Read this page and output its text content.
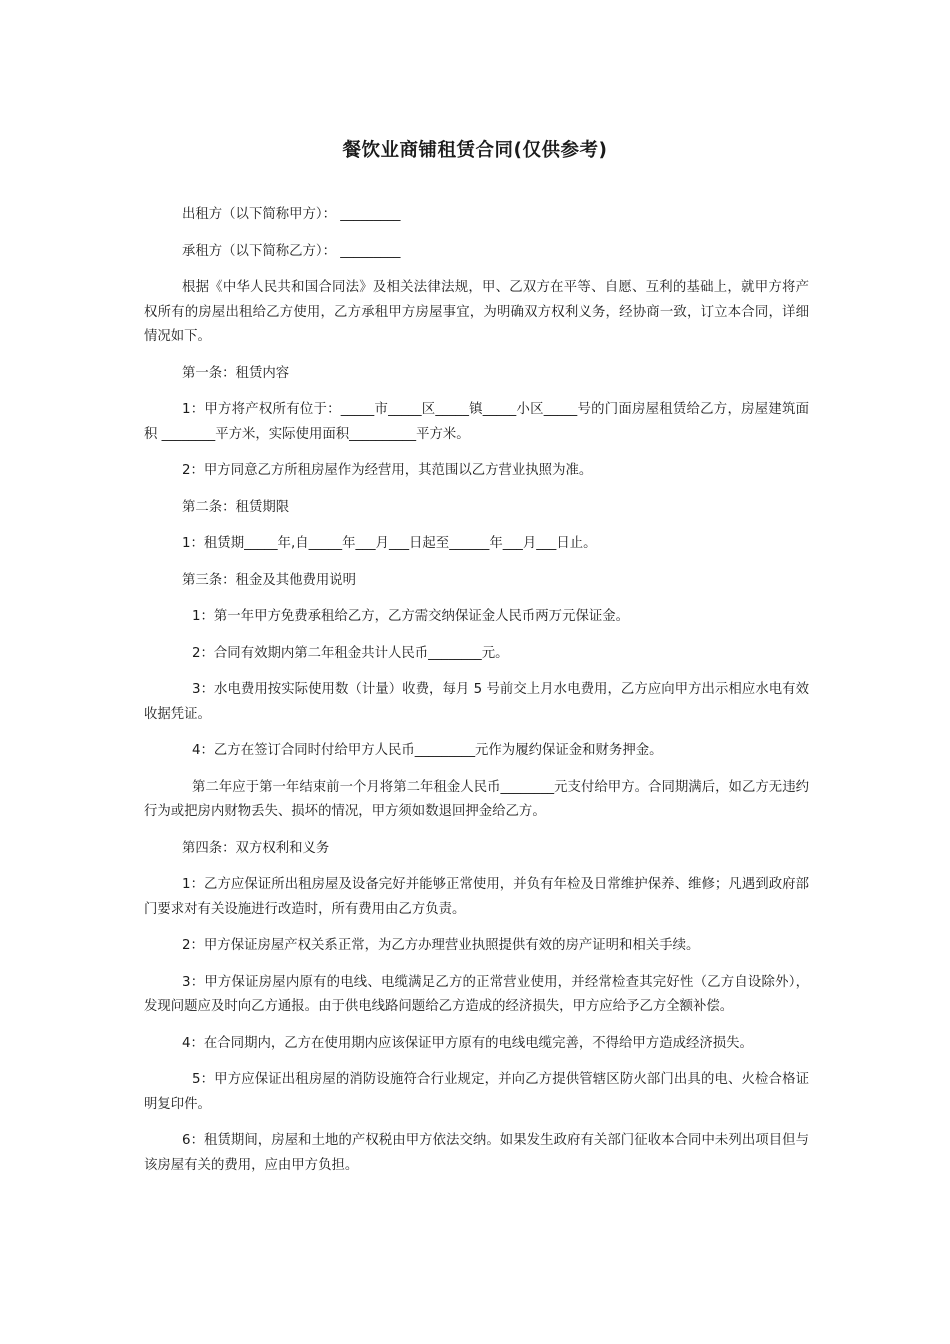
餐饮业商铺租赁合同(仅供参考)

出租方（以下简称甲方）： _________

承租方（以下简称乙方）： _________

根据《中华人民共和国合同法》及相关法律法规，甲、乙双方在平等、自愿、互利的基础上，就甲方将产权所有的房屋出租给乙方使用，乙方承租甲方房屋事宜，为明确双方权利义务，经协商一致，订立本合同，详细情况如下。

第一条：租赁内容

1：甲方将产权所有位于：_____市_____区_____镇_____小区_____号的门面房屋租赁给乙方，房屋建筑面积 ________平方米，实际使用面积__________平方米。

2：甲方同意乙方所租房屋作为经营用，其范围以乙方营业执照为准。

第二条：租赁期限

1：租赁期_____年,自_____年___月___日起至______年___月___日止。

第三条：租金及其他费用说明

1：第一年甲方免费承租给乙方，乙方需交纳保证金人民币两万元保证金。

2：合同有效期内第二年租金共计人民币________元。

3：水电费用按实际使用数（计量）收费，每月 5 号前交上月水电费用，乙方应向甲方出示相应水电有效收据凭证。

4：乙方在签订合同时付给甲方人民币_________元作为履约保证金和财务押金。

第二年应于第一年结束前一个月将第二年租金人民币________元支付给甲方。合同期满后，如乙方无违约行为或把房内财物丢失、损坏的情况，甲方须如数退回押金给乙方。

第四条：双方权利和义务

1：乙方应保证所出租房屋及设备完好并能够正常使用，并负有年检及日常维护保养、维修；凡遇到政府部门要求对有关设施进行改造时，所有费用由乙方负责。

2：甲方保证房屋产权关系正常，为乙方办理营业执照提供有效的房产证明和相关手续。

3：甲方保证房屋内原有的电线、电缆满足乙方的正常营业使用，并经常检查其完好性（乙方自设除外），发现问题应及时向乙方通报。由于供电线路问题给乙方造成的经济损失，甲方应给予乙方全额补偿。

4：在合同期内，乙方在使用期内应该保证甲方原有的电线电缆完善，不得给甲方造成经济损失。

5：甲方应保证出租房屋的消防设施符合行业规定，并向乙方提供管辖区防火部门出具的电、火检合格证明复印件。

6：租赁期间，房屋和土地的产权税由甲方依法交纳。如果发生政府有关部门征收本合同中未列出项目但与该房屋有关的费用，应由甲方负担。
